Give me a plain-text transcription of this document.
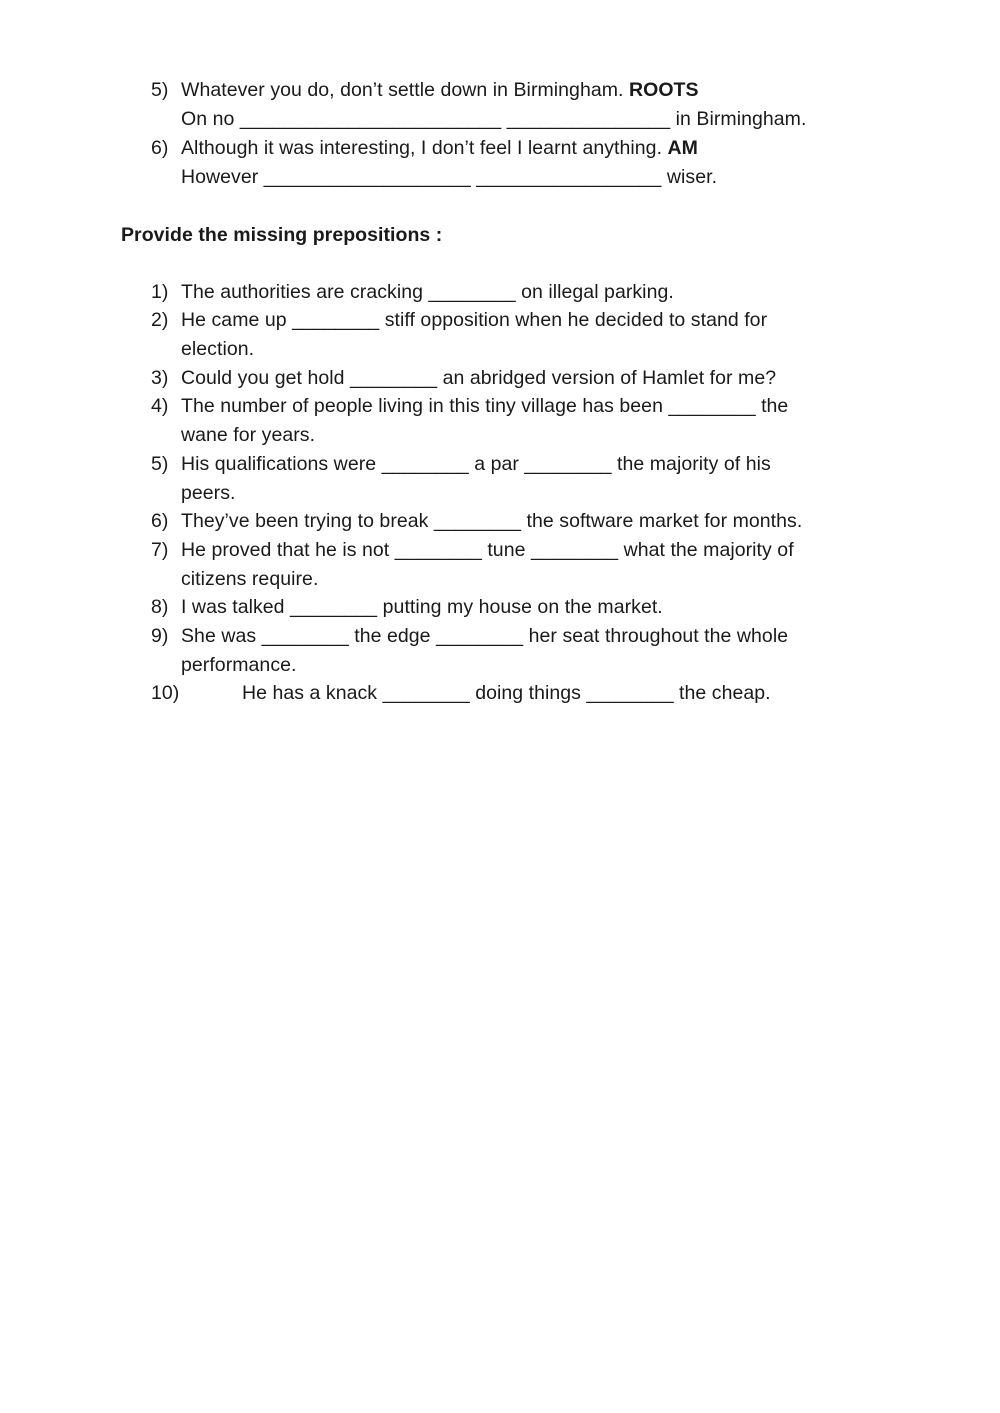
5) Whatever you do, don’t settle down in Birmingham. ROOTS
On no ________________________ _______________ in Birmingham.
6) Although it was interesting, I don’t feel I learnt anything. AM
However ___________________ _________________ wiser.
Provide the missing prepositions :
1) The authorities are cracking ________ on illegal parking.
2) He came up ________ stiff opposition when he decided to stand for
election.
3) Could you get hold ________ an abridged version of Hamlet for me?
4) The number of people living in this tiny village has been ________ the
wane for years.
5) His qualifications were ________ a par ________ the majority of his
peers.
6) They’ve been trying to break ________ the software market for months.
7) He proved that he is not ________ tune ________ what the majority of
citizens require.
8) I was talked ________ putting my house on the market.
9) She was ________ the edge ________ her seat throughout the whole
performance.
10)	He has a knack ________ doing things ________ the cheap.
